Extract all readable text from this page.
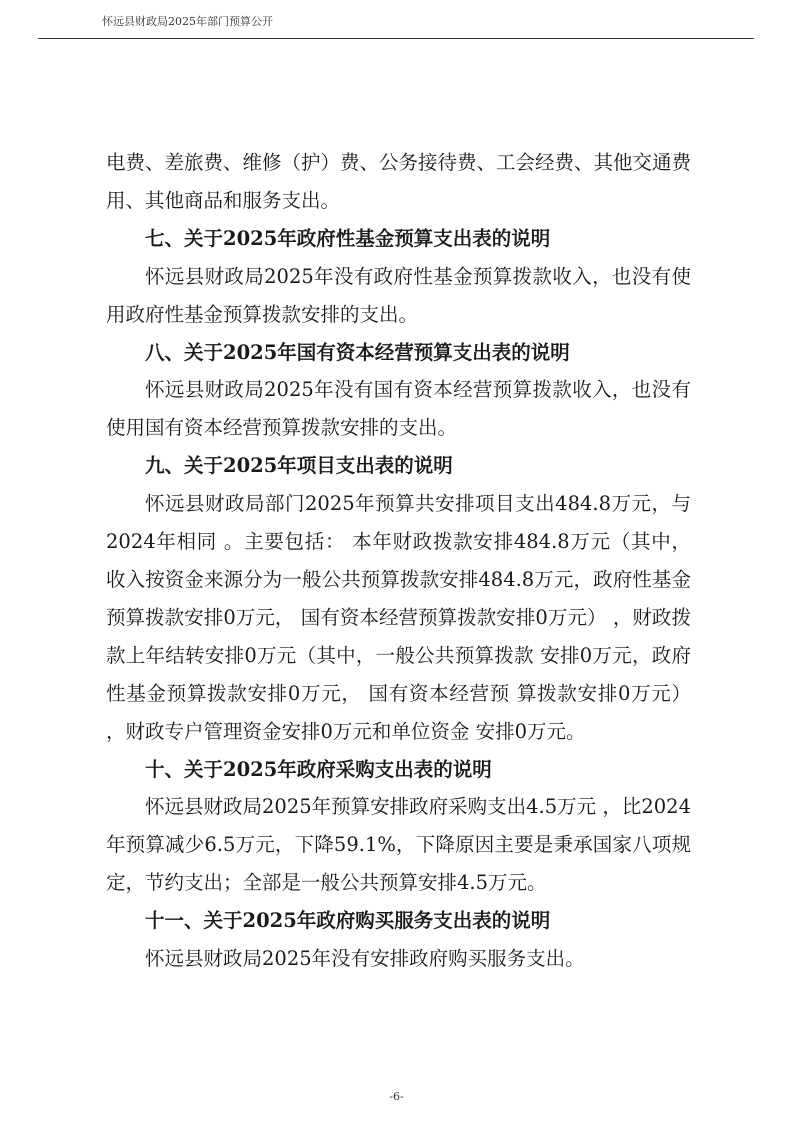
怀远县财政局2025年部门预算公开

电费、差旅费、维修（护）费、公务接待费、工会经费、其他交通费用、其他商品和服务支出。

七、关于2025年政府性基金预算支出表的说明

怀远县财政局2025年没有政府性基金预算拨款收入，也没有使用政府性基金预算拨款安排的支出。

八、关于2025年国有资本经营预算支出表的说明

怀远县财政局2025年没有国有资本经营预算拨款收入，也没有使用国有资本经营预算拨款安排的支出。

九、关于2025年项目支出表的说明

怀远县财政局部门2025年预算共安排项目支出484.8万元，与2024年相同 。主要包括： 本年财政拨款安排484.8万元（其中，收入按资金来源分为一般公共预算拨款安排484.8万元，政府性基金预算拨款安排0万元， 国有资本经营预算拨款安排0万元） ，财政拨款上年结转安排0万元（其中，一般公共预算拨款 安排0万元，政府性基金预算拨款安排0万元， 国有资本经营预 算拨款安排0万元） ，财政专户管理资金安排0万元和单位资金 安排0万元。

十、关于2025年政府采购支出表的说明

怀远县财政局2025年预算安排政府采购支出4.5万元 ，比2024年预算减少6.5万元，下降59.1%，下降原因主要是秉承国家八项规定，节约支出；全部是一般公共预算安排4.5万元。

十一、关于2025年政府购买服务支出表的说明

怀远县财政局2025年没有安排政府购买服务支出。

-6-
